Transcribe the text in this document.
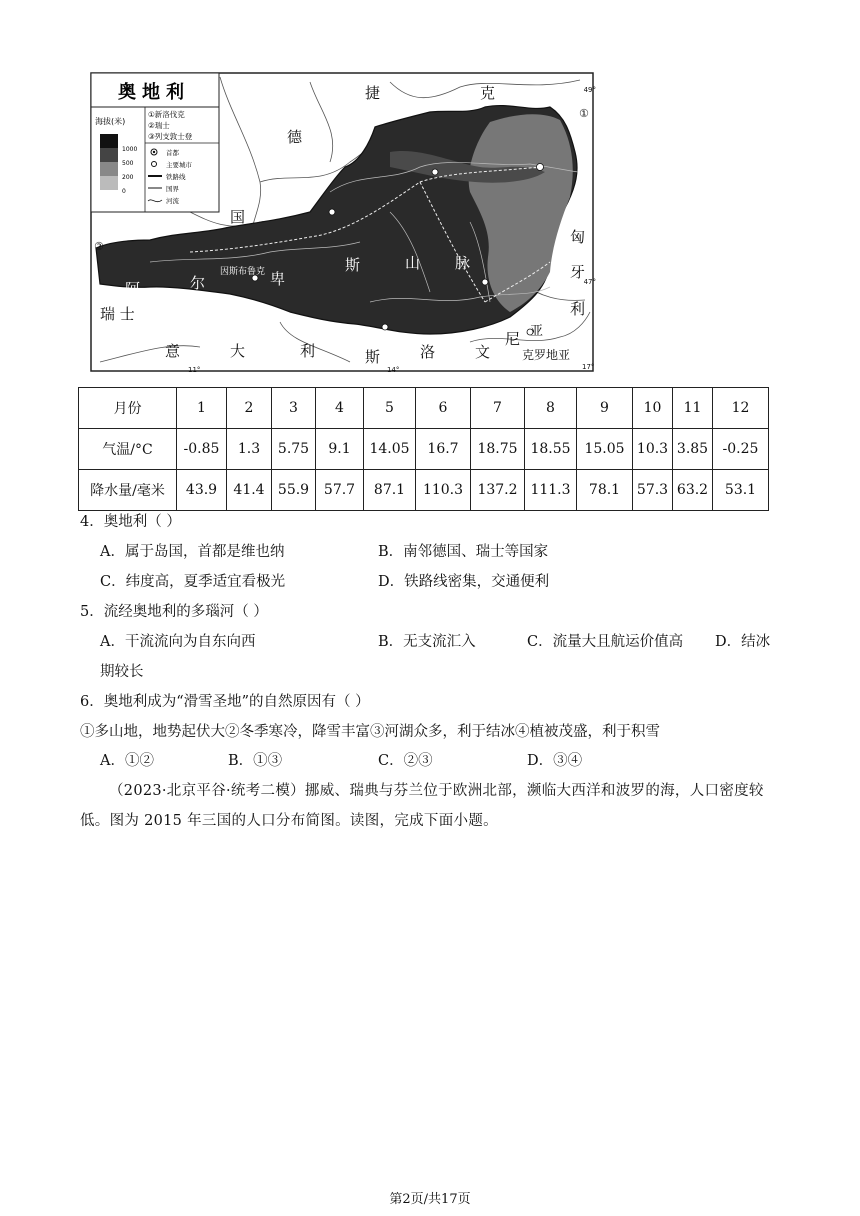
奥地利
海拔(米)
1000
500
200
0
①新洛伐克
②瑞士
③列支敦士登
首都
主要城市
铁路线
国界
河流
捷	克
德
国
匈
牙
利
瑞 士
意	大	利	斯	洛	文
尼 亚
克罗地亚
因斯布鲁克
阿	尔	卑
斯	山 脉
①
②
49°
47°
11°	14°	17°
月份	1	2	3	4	5	6	7	8	9	10	11	12
气温/°C	-0.85	1.3	5.75	9.1	14.05	16.7	18.75	18.55	15.05	10.3	3.85	-0.25
降水量/毫米	43.9	41.4	55.9	57.7	87.1	110.3	137.2	111.3	78.1	57.3	63.2	53.1
4．奥地利（ ）
A．属于岛国，首都是维也纳	B．南邻德国、瑞士等国家
C．纬度高，夏季适宜看极光	D．铁路线密集，交通便利
5．流经奥地利的多瑙河（ ）
A．干流流向为自东向西	B．无支流汇入	C．流量大且航运价值高 D．结冰
期较长
6．奥地利成为“滑雪圣地”的自然原因有（ ）
①多山地，地势起伏大②冬季寒冷，降雪丰富③河湖众多，利于结冰④植被茂盛，利于积雪
A．①②	B．①③	C．②③	D．③④
（2023·北京平谷·统考二模）挪威、瑞典与芬兰位于欧洲北部，濒临大西洋和波罗的海，人口密度较低。图为 2015 年三国的人口分布简图。读图，完成下面小题。
第2页/共17页
